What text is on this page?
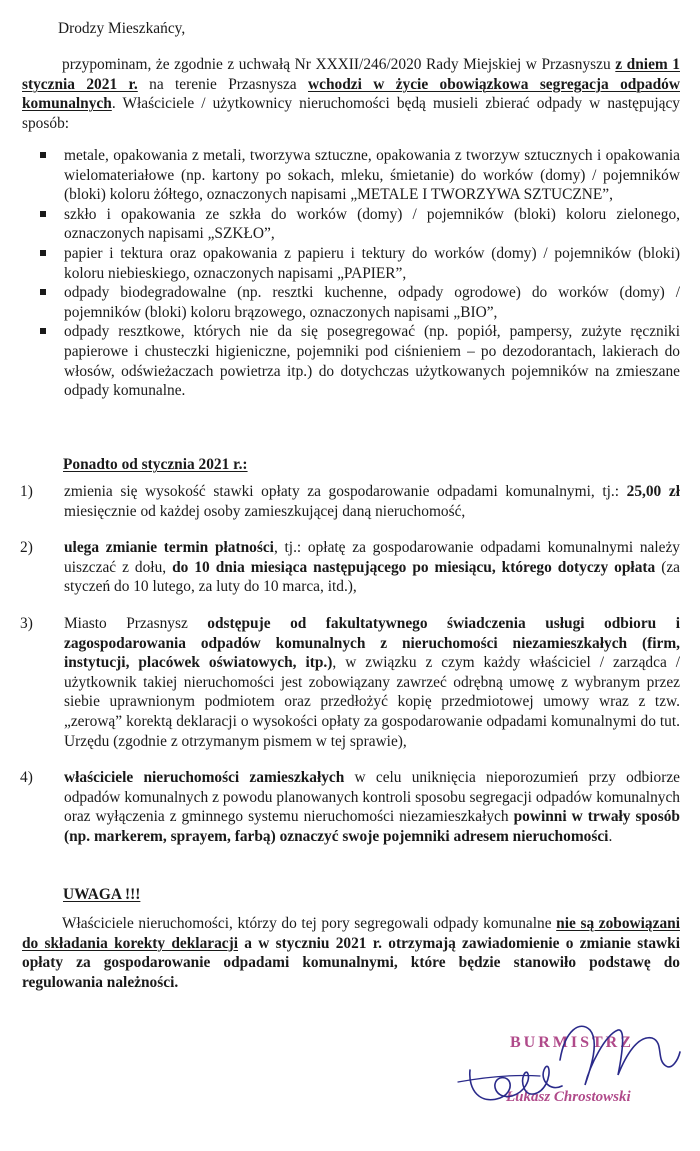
Drodzy Mieszkańcy,

przypominam, że zgodnie z uchwałą Nr XXXII/246/2020 Rady Miejskiej w Przasnyszu z dniem 1 stycznia 2021 r. na terenie Przasnysza wchodzi w życie obowiązkowa segregacja odpadów komunalnych. Właściciele / użytkownicy nieruchomości będą musieli zbierać odpady w następujący sposób:

metale, opakowania z metali, tworzywa sztuczne, opakowania z tworzyw sztucznych i opakowania wielomateriałowe (np. kartony po sokach, mleku, śmietanie) do worków (domy) / pojemników (bloki) koloru żółtego, oznaczonych napisami „METALE I TWORZYWA SZTUCZNE”,
szkło i opakowania ze szkła do worków (domy) / pojemników (bloki) koloru zielonego, oznaczonych napisami „SZKŁO”,
papier i tektura oraz opakowania z papieru i tektury do worków (domy) / pojemników (bloki) koloru niebieskiego, oznaczonych napisami „PAPIER”,
odpady biodegradowalne (np. resztki kuchenne, odpady ogrodowe) do worków (domy) / pojemników (bloki) koloru brązowego, oznaczonych napisami „BIO”,
odpady resztkowe, których nie da się posegregować (np. popiół, pampersy, zużyte ręczniki papierowe i chusteczki higieniczne, pojemniki pod ciśnieniem – po dezodorantach, lakierach do włosów, odświeżaczach powietrza itp.) do dotychczas użytkowanych pojemników na zmieszane odpady komunalne.

Ponadto od stycznia 2021 r.:

1) zmienia się wysokość stawki opłaty za gospodarowanie odpadami komunalnymi, tj.: 25,00 zł miesięcznie od każdej osoby zamieszkującej daną nieruchomość,
2) ulega zmianie termin płatności, tj.: opłatę za gospodarowanie odpadami komunalnymi należy uiszczać z dołu, do 10 dnia miesiąca następującego po miesiącu, którego dotyczy opłata (za styczeń do 10 lutego, za luty do 10 marca, itd.),
3) Miasto Przasnysz odstępuje od fakultatywnego świadczenia usługi odbioru i zagospodarowania odpadów komunalnych z nieruchomości niezamieszkałych (firm, instytucji, placówek oświatowych, itp.), w związku z czym każdy właściciel / zarządca / użytkownik takiej nieruchomości jest zobowiązany zawrzeć odrębną umowę z wybranym przez siebie uprawnionym podmiotem oraz przedłożyć kopię przedmiotowej umowy wraz z tzw. „zerową” korektą deklaracji o wysokości opłaty za gospodarowanie odpadami komunalnymi do tut. Urzędu (zgodnie z otrzymanym pismem w tej sprawie),
4) właściciele nieruchomości zamieszkałych w celu uniknięcia nieporozumień przy odbiorze odpadów komunalnych z powodu planowanych kontroli sposobu segregacji odpadów komunalnych oraz wyłączenia z gminnego systemu nieruchomości niezamieszkałych powinni w trwały sposób (np. markerem, sprayem, farbą) oznaczyć swoje pojemniki adresem nieruchomości.

UWAGA !!!

Właściciele nieruchomości, którzy do tej pory segregowali odpady komunalne nie są zobowiązani do składania korekty deklaracji a w styczniu 2021 r. otrzymają zawiadomienie o zmianie stawki opłaty za gospodarowanie odpadami komunalnymi, które będzie stanowiło podstawę do regulowania należności.

BURMISTRZ
Łukasz Chrostowski
